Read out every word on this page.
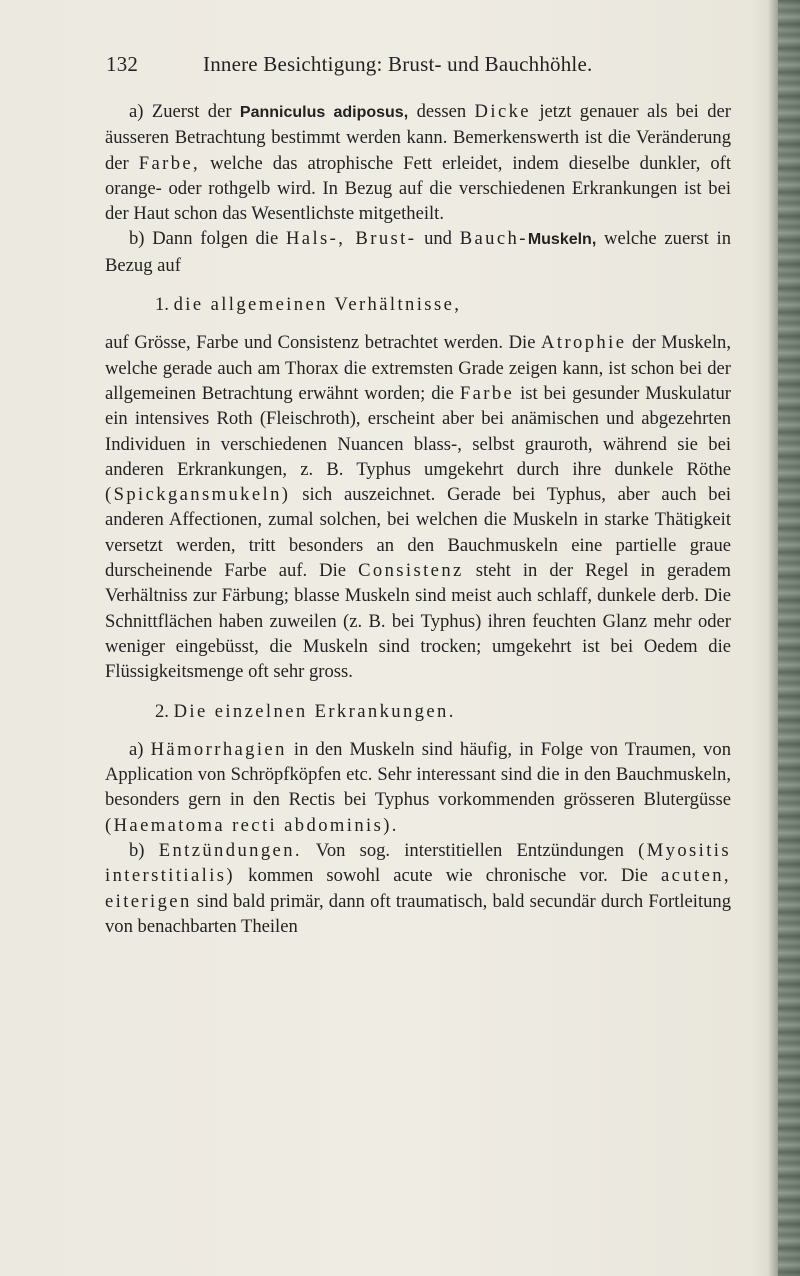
132	Innere Besichtigung: Brust- und Bauchhöhle.

a) Zuerst der Panniculus adiposus, dessen Dicke jetzt genauer als bei der äusseren Betrachtung bestimmt werden kann. Bemerkenswerth ist die Veränderung der Farbe, welche das atrophische Fett erleidet, indem dieselbe dunkler, oft orange- oder rothgelb wird. In Bezug auf die verschiedenen Erkrankungen ist bei der Haut schon das Wesentlichste mitgetheilt.

b) Dann folgen die Hals-, Brust- und Bauch-Muskeln, welche zuerst in Bezug auf

1. die allgemeinen Verhältnisse,

auf Grösse, Farbe und Consistenz betrachtet werden. Die Atrophie der Muskeln, welche gerade auch am Thorax die extremsten Grade zeigen kann, ist schon bei der allgemeinen Betrachtung erwähnt worden; die Farbe ist bei gesunder Muskulatur ein intensives Roth (Fleischroth), erscheint aber bei anämischen und abgezehrten Individuen in verschiedenen Nuancen blass-, selbst grauroth, während sie bei anderen Erkrankungen, z. B. Typhus umgekehrt durch ihre dunkele Röthe (Spickgansmukeln) sich auszeichnet. Gerade bei Typhus, aber auch bei anderen Affectionen, zumal solchen, bei welchen die Muskeln in starke Thätigkeit versetzt werden, tritt besonders an den Bauchmuskeln eine partielle graue durscheinende Farbe auf. Die Consistenz steht in der Regel in geradem Verhältniss zur Färbung; blasse Muskeln sind meist auch schlaff, dunkele derb. Die Schnittflächen haben zuweilen (z. B. bei Typhus) ihren feuchten Glanz mehr oder weniger eingebüsst, die Muskeln sind trocken; umgekehrt ist bei Oedem die Flüssigkeitsmenge oft sehr gross.

2. Die einzelnen Erkrankungen.

a) Hämorrhagien in den Muskeln sind häufig, in Folge von Traumen, von Application von Schröpfköpfen etc. Sehr interessant sind die in den Bauchmuskeln, besonders gern in den Rectis bei Typhus vorkommenden grösseren Blutergüsse (Haematoma recti abdominis).

b) Entzündungen. Von sog. interstitiellen Entzündungen (Myositis interstitialis) kommen sowohl acute wie chronische vor. Die acuten, eiterigen sind bald primär, dann oft traumatisch, bald secundär durch Fortleitung von benachbarten Theilen
